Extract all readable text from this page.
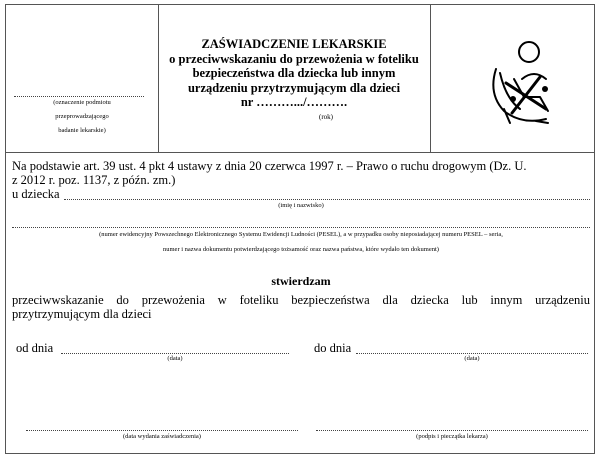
(oznaczenie podmiotu
przeprowadzającego
badanie lekarskie)
ZAŚWIADCZENIE LEKARSKIE
o przeciwwskazaniu do przewożenia w foteliku
bezpieczeństwa dla dziecka lub innym
urządzeniu przytrzymującym dla dzieci
nr ……….../……….
(rok)
Na podstawie art. 39 ust. 4 pkt 4 ustawy z dnia 20 czerwca 1997 r. – Prawo o ruchu drogowym (Dz. U.
z 2012 r. poz. 1137, z późn. zm.)
u dziecka
(imię i nazwisko)
(numer ewidencyjny Powszechnego Elektronicznego Systemu Ewidencji Ludności (PESEL), a w przypadku osoby nieposiadającej numeru PESEL – seria,
numer i nazwa dokumentu potwierdzającego tożsamość oraz nazwa państwa, które wydało ten dokument)
stwierdzam
przeciwwskazanie do przewożenia w foteliku bezpieczeństwa dla dziecka lub innym urządzeniu
przytrzymującym dla dzieci
od dnia
(data)
do dnia
(data)
(data wydania zaświadczenia)	(podpis i pieczątka lekarza)
